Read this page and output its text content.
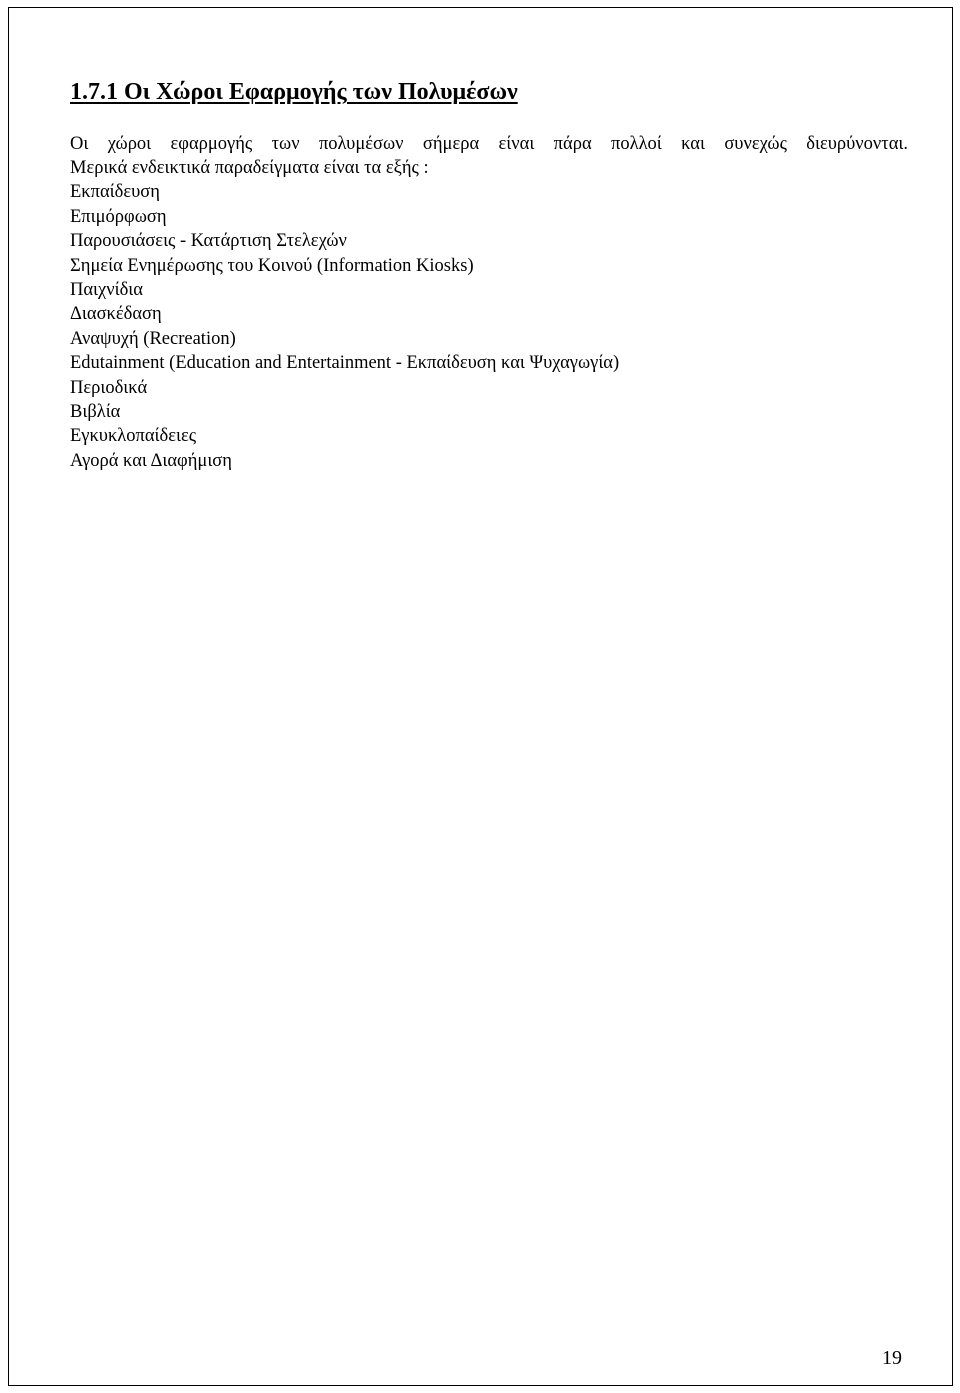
1.7.1 Οι Χώροι Εφαρμογής των Πολυμέσων
Οι χώροι εφαρμογής των πολυμέσων σήμερα είναι πάρα πολλοί και συνεχώς διευρύνονται.
Μερικά ενδεικτικά παραδείγματα είναι τα εξής :
Εκπαίδευση
Επιμόρφωση
Παρουσιάσεις - Κατάρτιση Στελεχών
Σημεία Ενημέρωσης του Κοινού (Information Kiosks)
Παιχνίδια
Διασκέδαση
Αναψυχή (Recreation)
Edutainment (Education and Entertainment - Εκπαίδευση και Ψυχαγωγία)
Περιοδικά
Βιβλία
Εγκυκλοπαίδειες
Αγορά και Διαφήμιση
19
